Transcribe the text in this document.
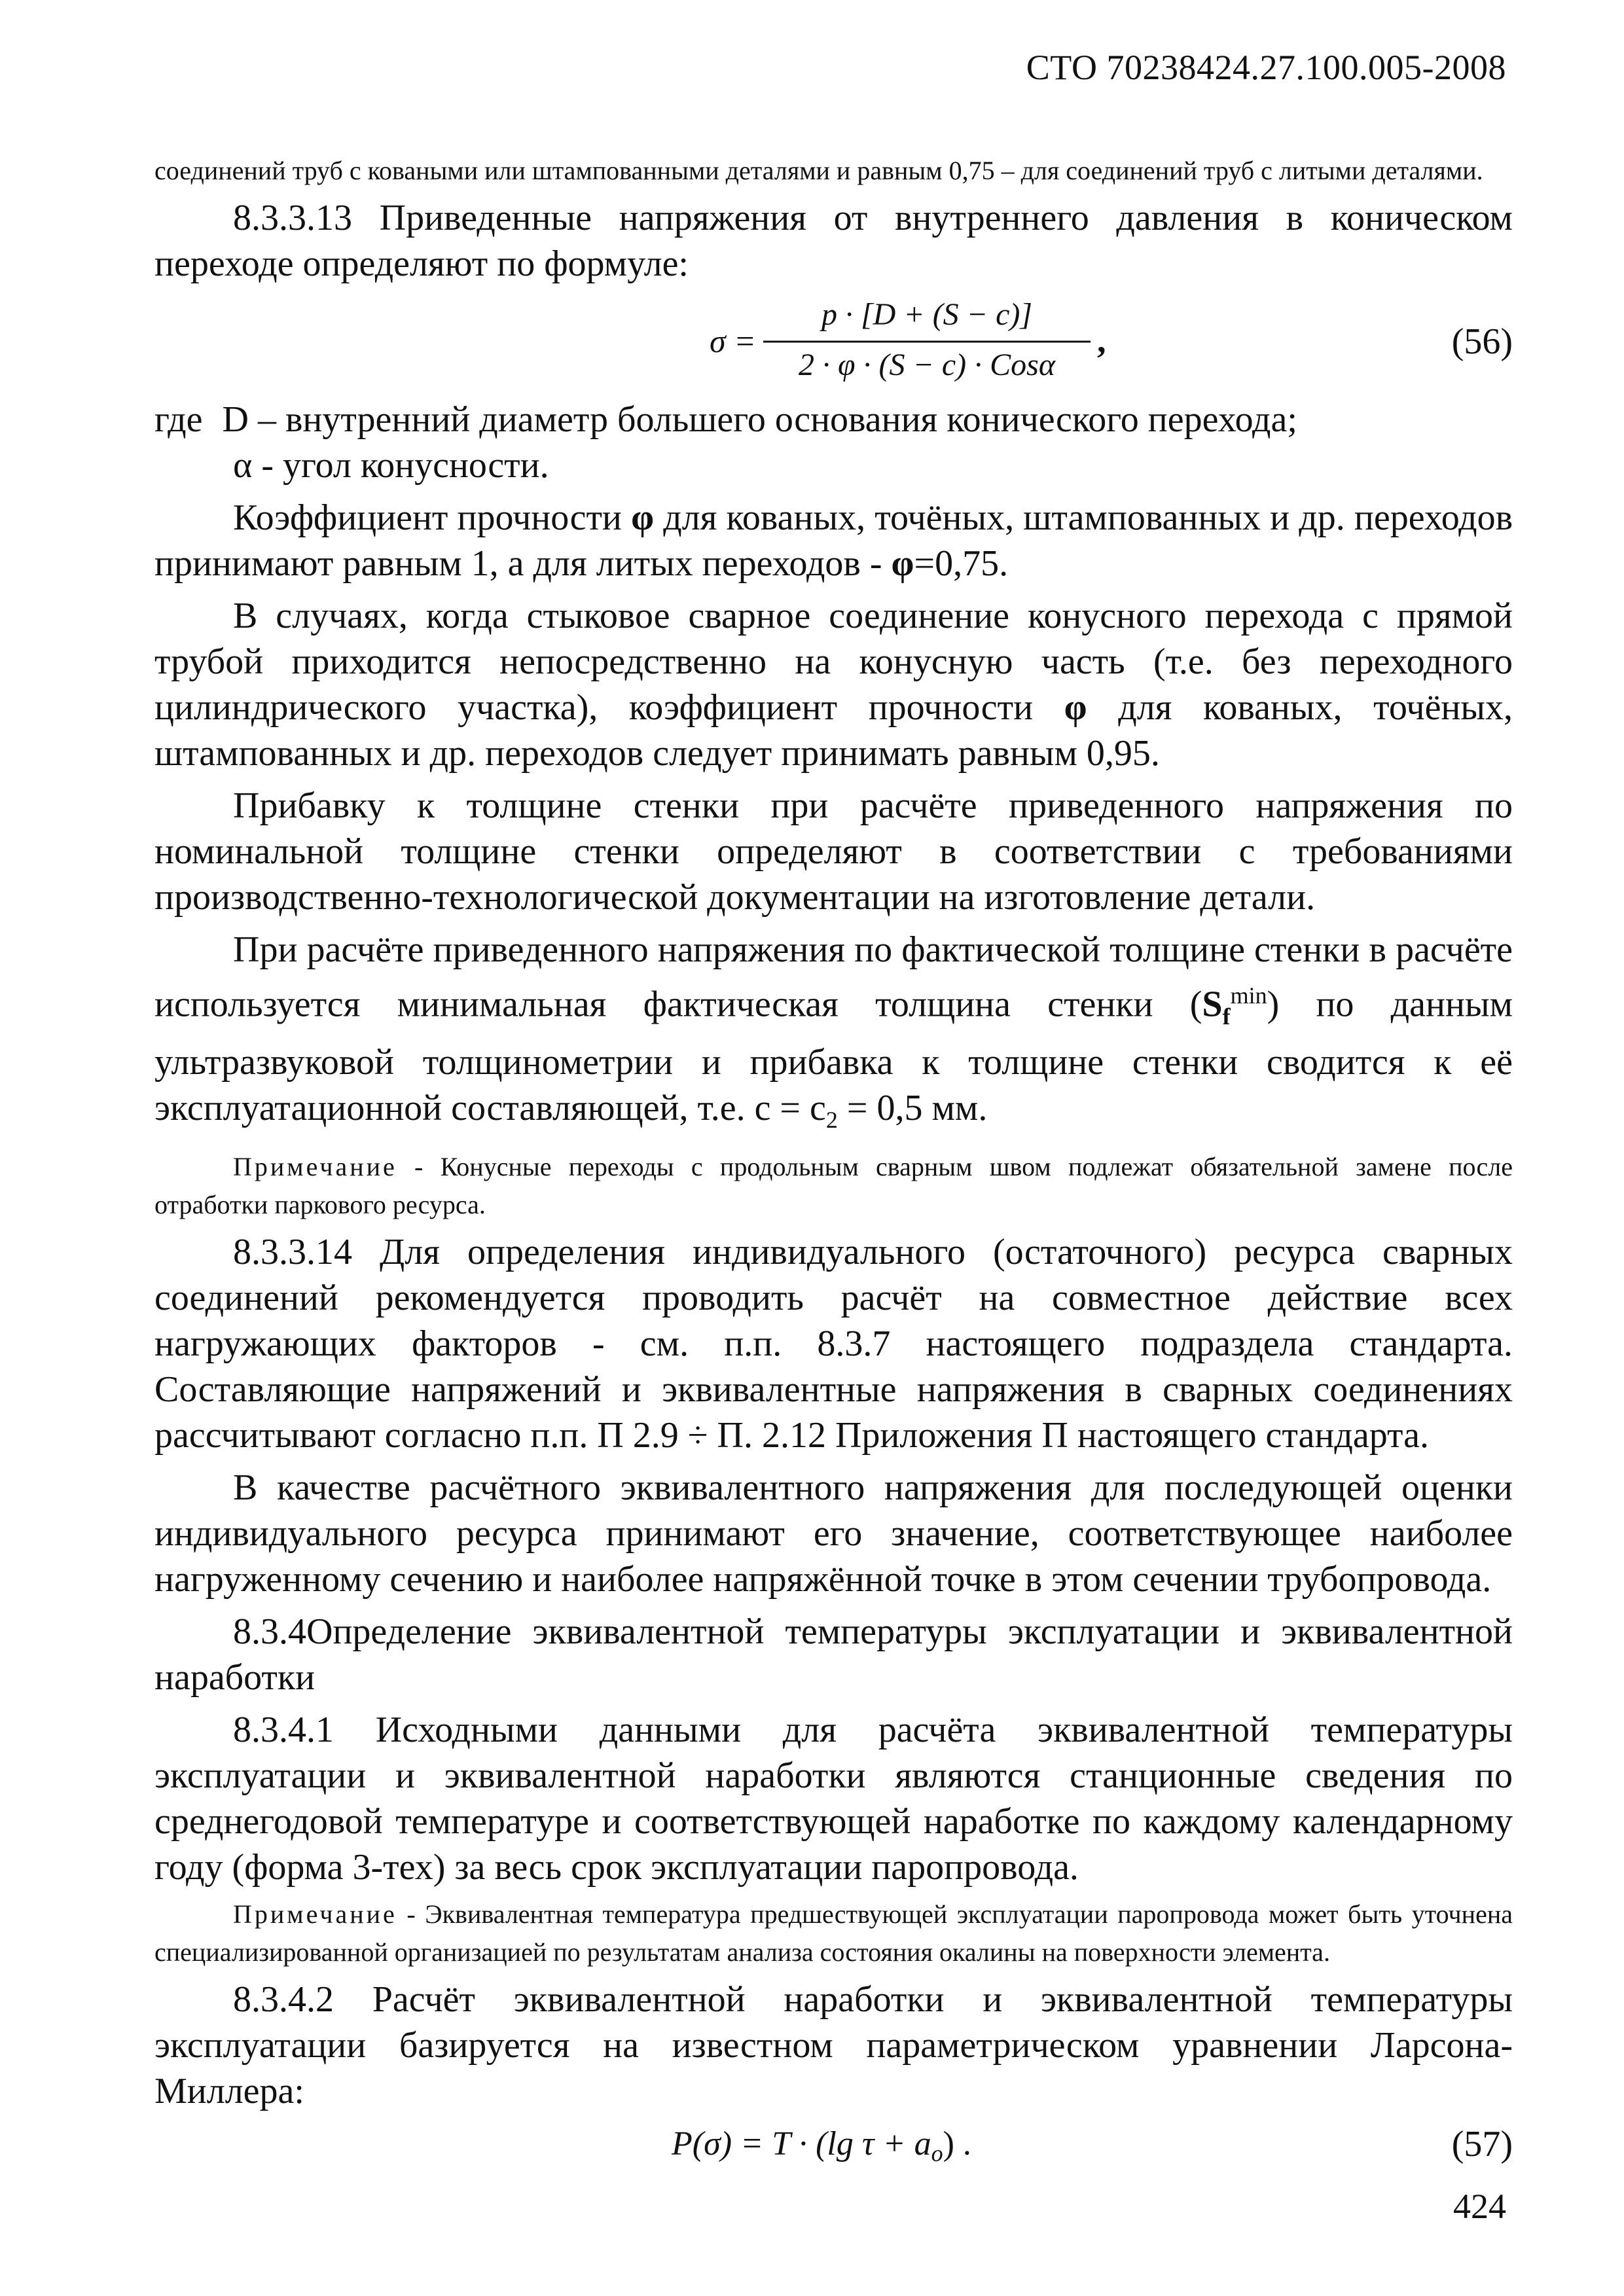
СТО 70238424.27.100.005-2008

соединений труб с коваными или штампованными деталями и равным 0,75 – для соединений труб с литыми деталями.

8.3.3.13 Приведенные напряжения от внутреннего давления в коническом переходе определяют по формуле:

σ =
p · [D + (S − c)]
2 · φ · (S − c) · Cosα
,	(56)

где D – внутренний диаметр большего основания конического перехода;

α - угол конусности.

Коэффициент прочности φ для кованых, точёных, штампованных и др. переходов принимают равным 1, а для литых переходов - φ=0,75.

В случаях, когда стыковое сварное соединение конусного перехода с прямой трубой приходится непосредственно на конусную часть (т.е. без переходного цилиндрического участка), коэффициент прочности φ для кованых, точёных, штампованных и др. переходов следует принимать равным 0,95.

Прибавку к толщине стенки при расчёте приведенного напряжения по номинальной толщине стенки определяют в соответствии с требованиями производственно-технологической документации на изготовление детали.

При расчёте приведенного напряжения по фактической толщине стенки в расчёте используется минимальная фактическая толщина стенки $(S_f^{min})$ по данным ультразвуковой толщинометрии и прибавка к толщине стенки сводится к её эксплуатационной составляющей, т.е. $c = c_2 = 0,5$ мм.

Примечание - Конусные переходы с продольным сварным швом подлежат обязательной замене после отработки паркового ресурса.

8.3.3.14 Для определения индивидуального (остаточного) ресурса сварных соединений рекомендуется проводить расчёт на совместное действие всех нагружающих факторов - см. п.п. 8.3.7 настоящего подраздела стандарта. Составляющие напряжений и эквивалентные напряжения в сварных соединениях рассчитывают согласно п.п. П 2.9 ÷ П. 2.12 Приложения П настоящего стандарта.

В качестве расчётного эквивалентного напряжения для последующей оценки индивидуального ресурса принимают его значение, соответствующее наиболее нагруженному сечению и наиболее напряжённой точке в этом сечении трубопровода.

8.3.4Определение эквивалентной температуры эксплуатации и эквивалентной наработки

8.3.4.1 Исходными данными для расчёта эквивалентной температуры эксплуатации и эквивалентной наработки являются станционные сведения по среднегодовой температуре и соответствующей наработке по каждому календарному году (форма 3-тех) за весь срок эксплуатации паропровода.

Примечание - Эквивалентная температура предшествующей эксплуатации паропровода может быть уточнена специализированной организацией по результатам анализа состояния окалины на поверхности элемента.

8.3.4.2 Расчёт эквивалентной наработки и эквивалентной температуры эксплуатации базируется на известном параметрическом уравнении Ларсона-Миллера:

P(σ) = T · (lg τ + ao) .	(57)
424
